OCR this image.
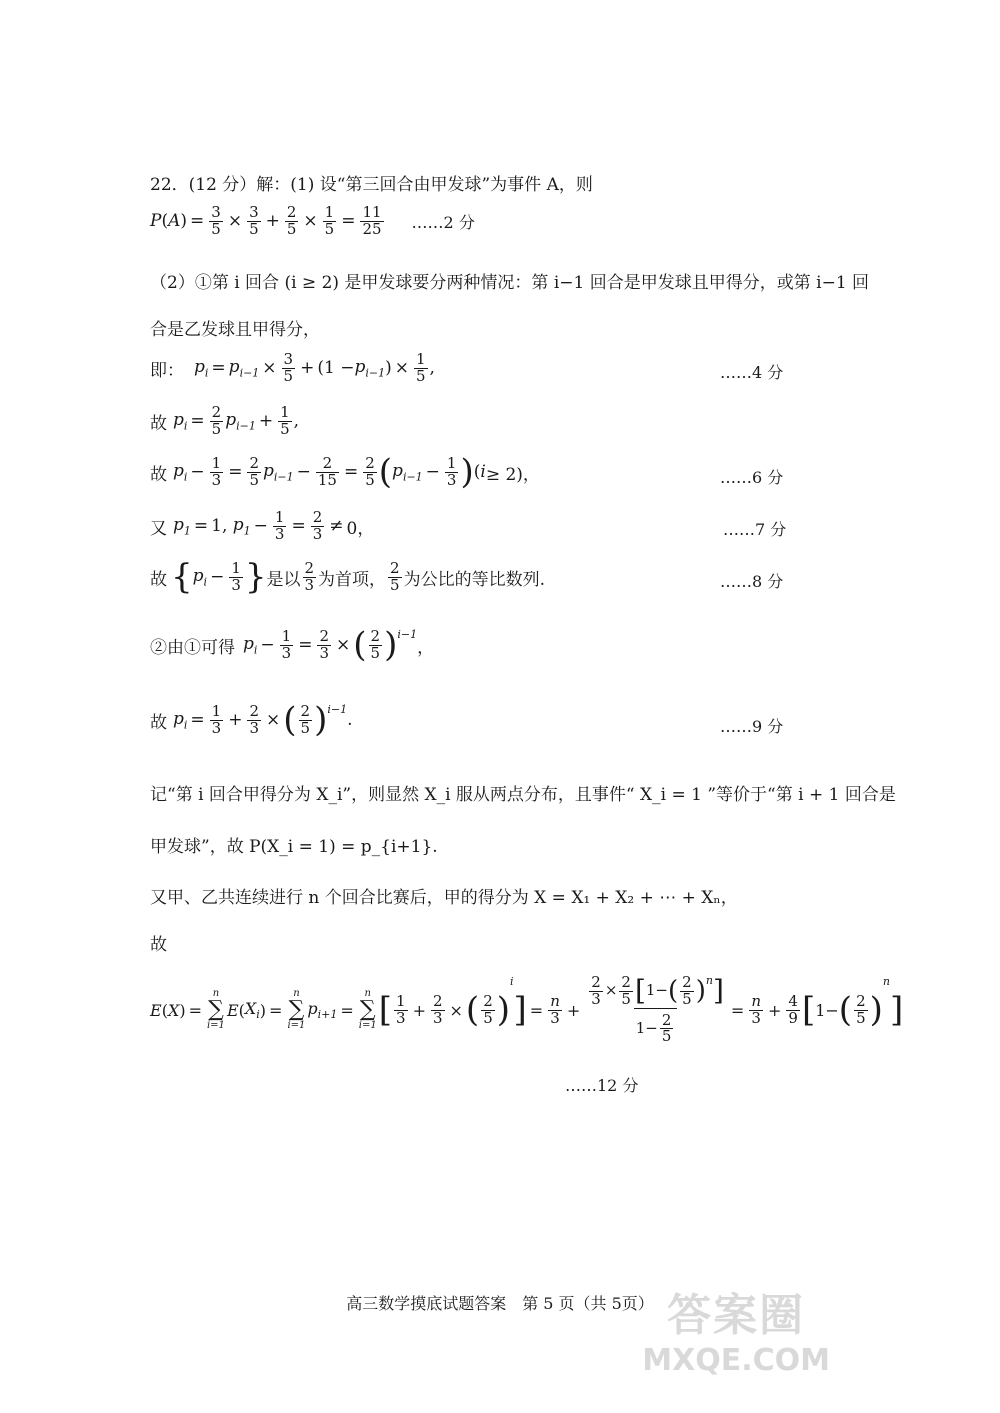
22．(12 分）解：(1) 设“第三回合由甲发球”为事件 A，则
P ( A ) = $\frac{3}{5} \times \frac{3}{5} + \frac{2}{5} \times \frac{1}{5} = \frac{11}{25}$ ……2 分
（2）①第 i 回合 (i ≥ 2) 是甲发球要分两种情况：第 i−1 回合是甲发球且甲得分，或第 i−1 回
合是乙发球且甲得分，
即： $p_i = p_{i-1} \times \frac{3}{5} + (1 - p_{i-1}$ ) × $\frac{1}{5}$ ,	……4 分
故 $p_i = \frac{2}{5} p_{i-1} + \frac{1}{5}$ ,
故 $p_i - \frac{1}{3} = \frac{2}{5} p_{i-1} - \frac{2}{15} = \frac{2}{5}$ ( $p_{i-1} - \frac{1}{3}$ ) ( i ≥ 2)，	……6 分
又 $p_1 = 1$, $p_1 - \frac{1}{3} = \frac{2}{3} \ne 0$，	……7 分
故 { $p_i - \frac{1}{3}$ } 是以 $\frac{2}{3}$ 为首项， $\frac{2}{5}$ 为公比的等比数列.	……8 分
②由①可得 $p_i - \frac{1}{3} = \frac{2}{3}$ × ( $\frac{2}{5} )^{i-1}$
，
故 $p_i = \frac{1}{3} + \frac{2}{3}$ × ( $\frac{2}{5} )^{i-1}$
.	……9 分
记“第 i 回合甲得分为 X_i”，则显然 X_i 服从两点分布，且事件“ X_i = 1 ”等价于“第 i + 1 回合是
甲发球”，故 P(X_i = 1) = p_{i+1}.
又甲、乙共连续进行 n 个回合比赛后，甲的得分为 X = X₁ + X₂ + ⋯ + Xₙ，
故
E ( X ) =
n
∑
i=1
E ( $X_i$ ) =
n
∑
i=1
$p_{i+1}$ =
n
∑
i=1 [ $\frac{1}{3} + \frac{2}{3}$ × ( $\frac{2}{5}$ )
i
] = $\frac{n}{3} + \frac{\frac{2}{3} \times \frac{2}{5} [ 1- ( \frac{2}{5} )^n ]}{1- \frac{2}{5}} = \frac{n}{3} + \frac{4}{9}$ [ 1− ( $\frac{2}{5}$ )
n
]
……12 分
高三数学摸底试题答案　第 5 页（共 5页） 答案圈
MXQE.COM
